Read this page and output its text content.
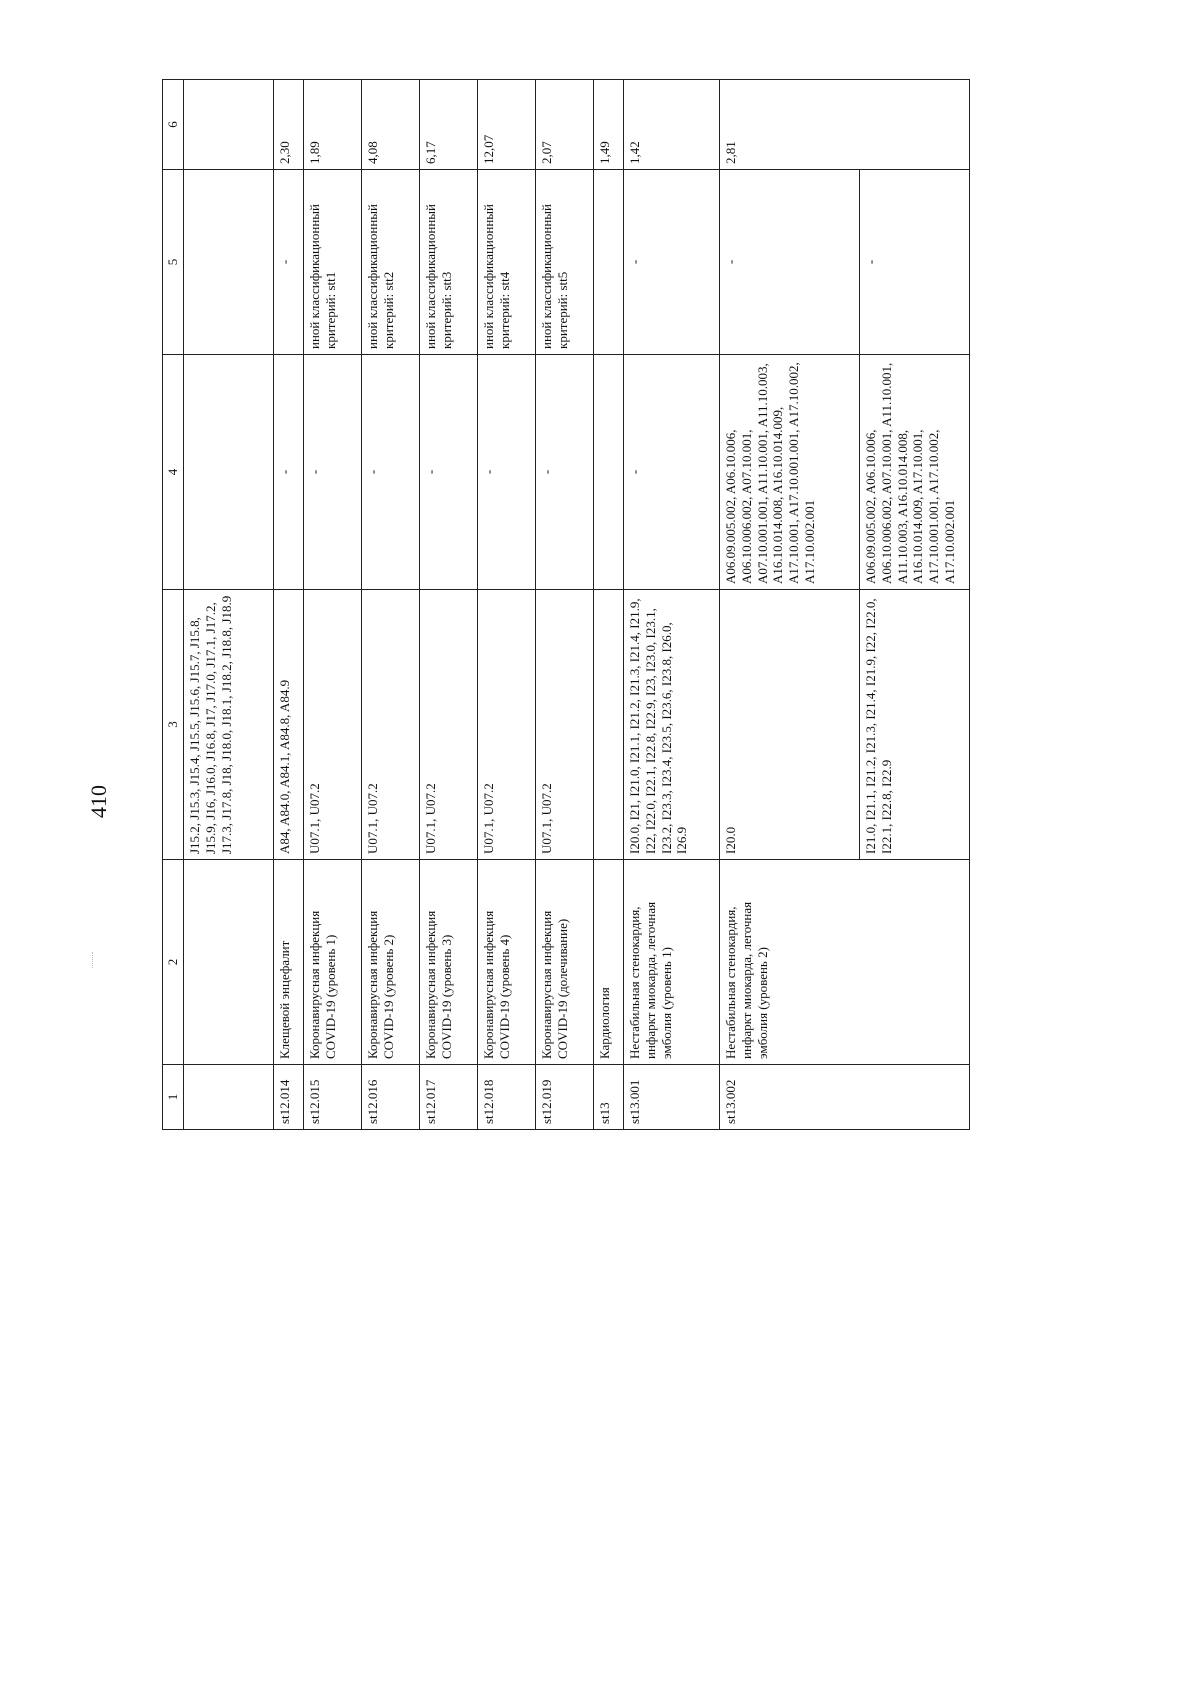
410
1	2	3	4	5	6
		J15.2, J15.3, J15.4, J15.5, J15.6, J15.7, J15.8, J15.9, J16, J16.0, J16.8, J17, J17.0, J17.1, J17.2, J17.3, J17.8, J18, J18.0, J18.1, J18.2, J18.8, J18.9			
st12.014	Клещевой энцефалит	A84, A84.0, A84.1, A84.8, A84.9	-	-	2,30
st12.015	Коронавирусная инфекция COVID-19 (уровень 1)	U07.1, U07.2	-	иной классификационный критерий: stt1	1,89
st12.016	Коронавирусная инфекция COVID-19 (уровень 2)	U07.1, U07.2	-	иной классификационный критерий: stt2	4,08
st12.017	Коронавирусная инфекция COVID-19 (уровень 3)	U07.1, U07.2	-	иной классификационный критерий: stt3	6,17
st12.018	Коронавирусная инфекция COVID-19 (уровень 4)	U07.1, U07.2	-	иной классификационный критерий: stt4	12,07
st12.019	Коронавирусная инфекция COVID-19 (долечивание)	U07.1, U07.2	-	иной классификационный критерий: stt5	2,07
st13	Кардиология				1,49
st13.001	Нестабильная стенокардия, инфаркт миокарда, легочная эмболия (уровень 1)	I20.0, I21, I21.0, I21.1, I21.2, I21.3, I21.4, I21.9, I22, I22.0, I22.1, I22.8, I22.9, I23, I23.0, I23.1, I23.2, I23.3, I23.4, I23.5, I23.6, I23.8, I26.0, I26.9	-	-	1,42
st13.002	Нестабильная стенокардия, инфаркт миокарда, легочная эмболия (уровень 2)	I20.0	A06.09.005.002, A06.10.006, A06.10.006.002, A07.10.001, A07.10.001.001, A11.10.001, A11.10.003, A16.10.014.008, A16.10.014.009, A17.10.001, A17.10.001.001, A17.10.002, A17.10.002.001	-	2,81
		I21.0, I21.1, I21.2, I21.3, I21.4, I21.9, I22, I22.0, I22.1, I22.8, I22.9	A06.09.005.002, A06.10.006, A06.10.006.002, A07.10.001, A11.10.001, A11.10.003, A16.10.014.008, A16.10.014.009, A17.10.001, A17.10.001.001, A17.10.002, A17.10.002.001	-	
